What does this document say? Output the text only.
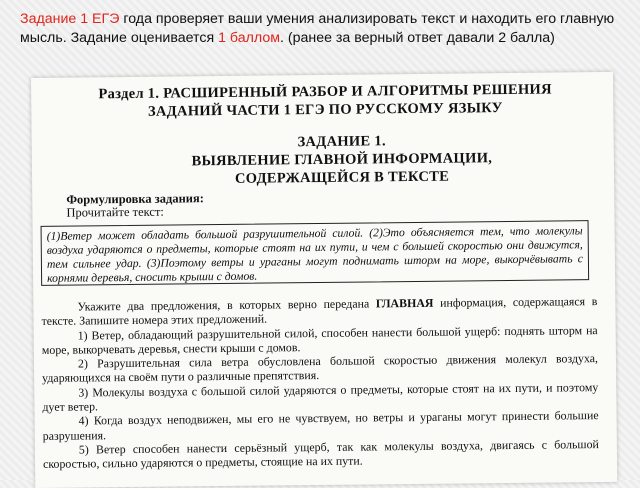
Задание 1 ЕГЭ года проверяет ваши умения анализировать текст и находить его главную мысль. Задание оценивается 1 баллом. (ранее за верный ответ давали 2 балла)
Раздел 1. РАСШИРЕННЫЙ РАЗБОР И АЛГОРИТМЫ РЕШЕНИЯ
ЗАДАНИЙ ЧАСТИ 1 ЕГЭ ПО РУССКОМУ ЯЗЫКУ
ЗАДАНИЕ 1.
ВЫЯВЛЕНИЕ ГЛАВНОЙ ИНФОРМАЦИИ,
СОДЕРЖАЩЕЙСЯ В ТЕКСТЕ
Формулировка задания:
Прочитайте текст:
(1)Ветер может обладать большой разрушительной силой. (2)Это объясняется тем, что молекулы воздуха ударяются о предметы, которые стоят на их пути, и чем с большей скоростью они движутся, тем сильнее удар. (3)Поэтому ветры и ураганы могут поднимать шторм на море, выкорчёвывать с корнями деревья, сносить крыши с домов.

Укажите два предложения, в которых верно передана ГЛАВНАЯ информация, содержащаяся в тексте. Запишите номера этих предложений.

1) Ветер, обладающий разрушительной силой, способен нанести большой ущерб: поднять шторм на море, выкорчевать деревья, снести крыши с домов.

2) Разрушительная сила ветра обусловлена большой скоростью движения молекул воздуха, ударяющихся на своём пути о различные препятствия.

3) Молекулы воздуха с большой силой ударяются о предметы, которые стоят на их пути, и поэтому дует ветер.

4) Когда воздух неподвижен, мы его не чувствуем, но ветры и ураганы могут принести большие разрушения.

5) Ветер способен нанести серьёзный ущерб, так как молекулы воздуха, двигаясь с большой скоростью, сильно ударяются о предметы, стоящие на их пути.
